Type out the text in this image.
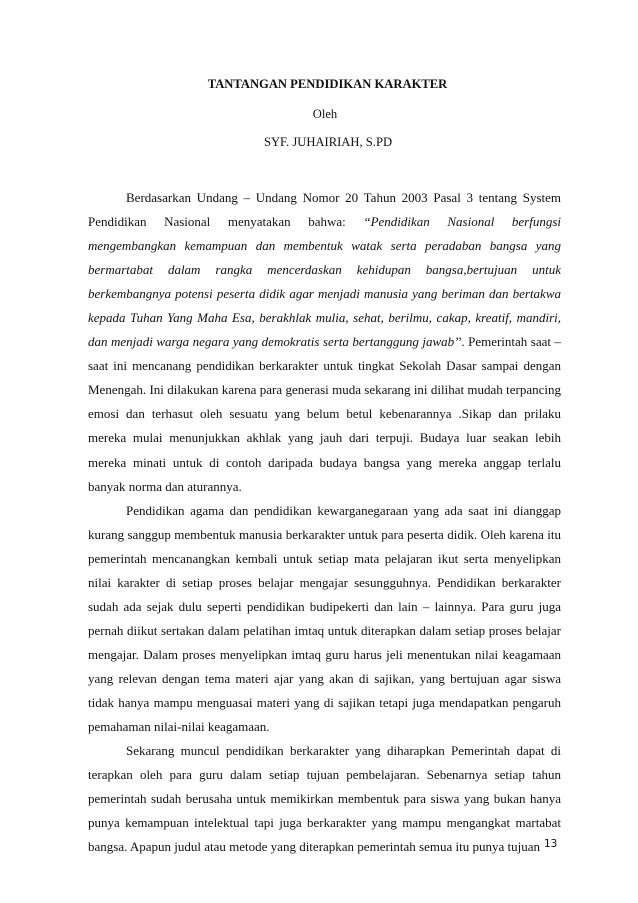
TANTANGAN PENDIDIKAN KARAKTER
Oleh
SYF. JUHAIRIAH, S.PD

Berdasarkan Undang – Undang Nomor 20 Tahun 2003 Pasal 3 tentang System Pendidikan Nasional menyatakan bahwa: “Pendidikan Nasional berfungsi mengembangkan kemampuan dan membentuk watak serta peradaban bangsa yang bermartabat dalam rangka mencerdaskan kehidupan bangsa,bertujuan untuk berkembangnya potensi peserta didik agar menjadi manusia yang beriman dan bertakwa kepada Tuhan Yang Maha Esa, berakhlak mulia, sehat, berilmu, cakap, kreatif, mandiri, dan menjadi warga negara yang demokratis serta bertanggung jawab’’. Pemerintah saat – saat ini mencanang pendidikan berkarakter untuk tingkat Sekolah Dasar sampai dengan Menengah. Ini dilakukan karena para generasi muda sekarang ini dilihat mudah terpancing emosi dan terhasut oleh sesuatu yang belum betul kebenarannya .Sikap dan prilaku mereka mulai menunjukkan akhlak yang jauh dari terpuji. Budaya luar seakan lebih mereka minati untuk di contoh daripada budaya bangsa yang mereka anggap terlalu banyak norma dan aturannya.

Pendidikan agama dan pendidikan kewarganegaraan yang ada saat ini dianggap kurang sanggup membentuk manusia berkarakter untuk para peserta didik. Oleh karena itu pemerintah mencanangkan kembali untuk setiap mata pelajaran ikut serta menyelipkan nilai karakter di setiap proses belajar mengajar sesungguhnya. Pendidikan berkarakter sudah ada sejak dulu seperti pendidikan budipekerti dan lain – lainnya. Para guru juga pernah diikut sertakan dalam pelatihan imtaq untuk diterapkan dalam setiap proses belajar mengajar. Dalam proses menyelipkan imtaq guru harus jeli menentukan nilai keagamaan yang relevan dengan tema materi ajar yang akan di sajikan, yang bertujuan agar siswa tidak hanya mampu menguasai materi yang di sajikan tetapi juga mendapatkan pengaruh pemahaman nilai-nilai keagamaan.

Sekarang muncul pendidikan berkarakter yang diharapkan Pemerintah dapat di terapkan oleh para guru dalam setiap tujuan pembelajaran. Sebenarnya setiap tahun pemerintah sudah berusaha untuk memikirkan membentuk para siswa yang bukan hanya punya kemampuan intelektual tapi juga berkarakter yang mampu mengangkat martabat bangsa. Apapun judul atau metode yang diterapkan pemerintah semua itu punya tujuan 13
